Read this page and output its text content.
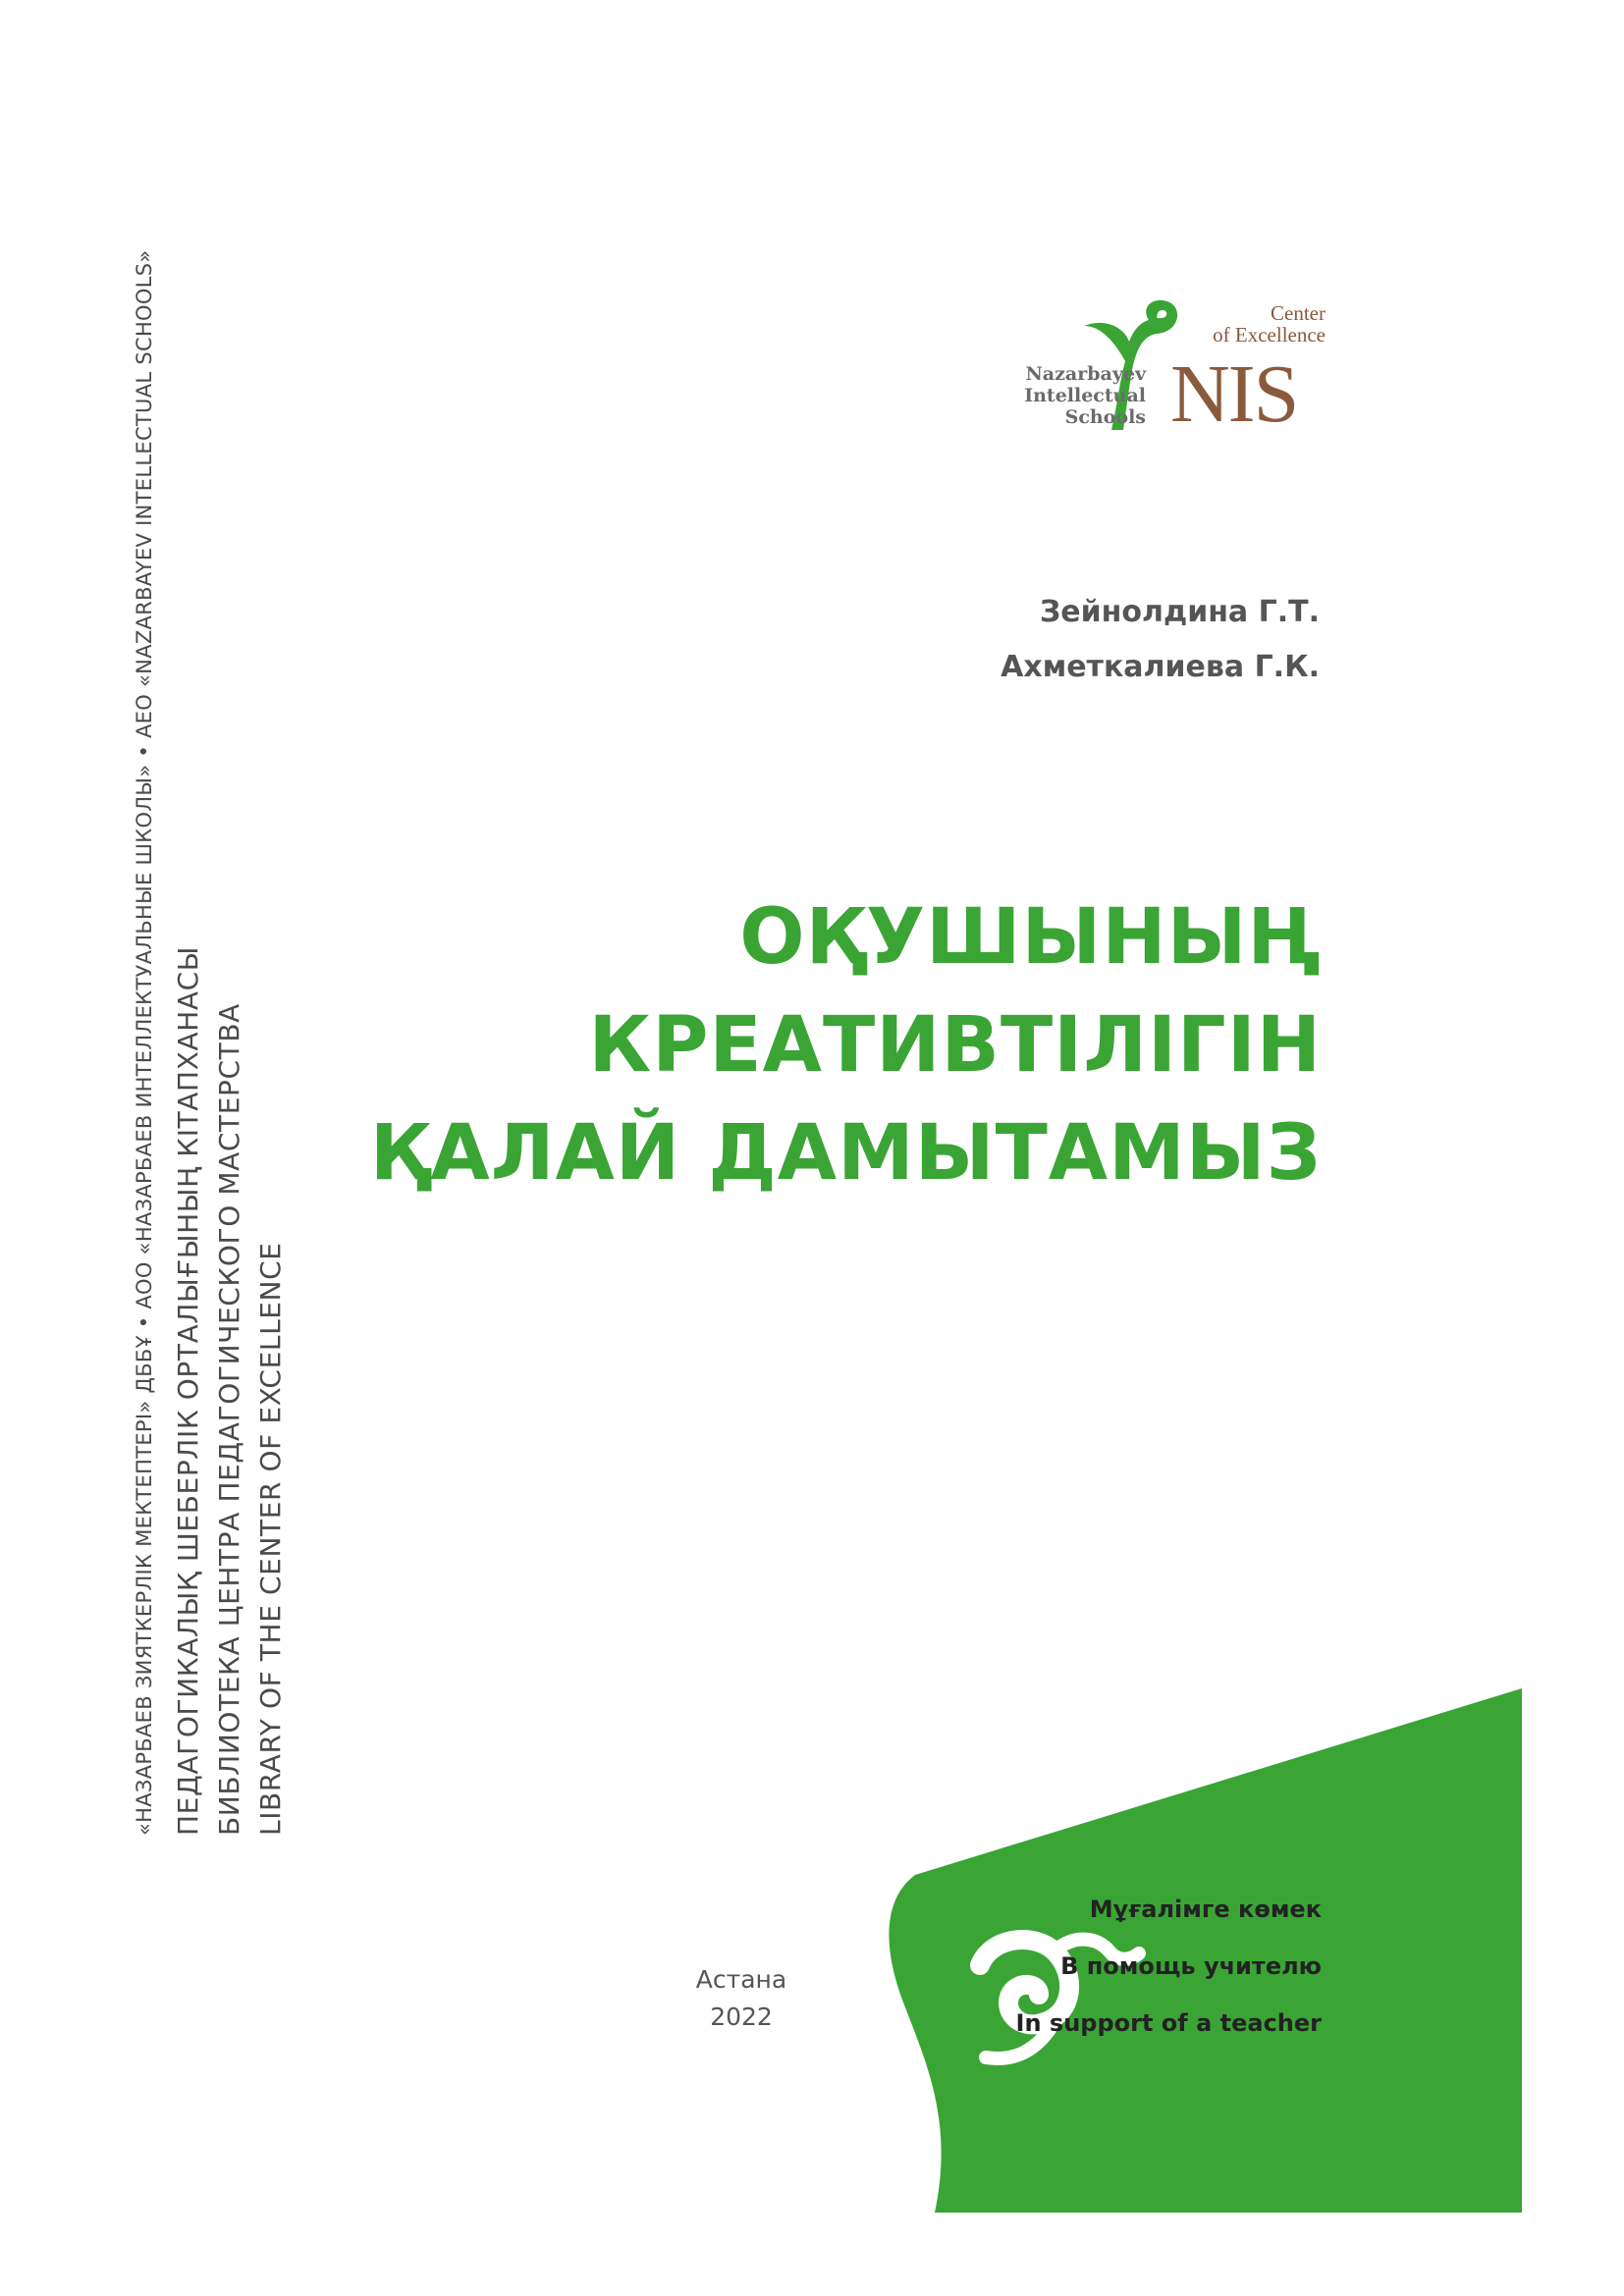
«НАЗАРБАЕВ ЗИЯТКЕРЛІК МЕКТЕПТЕРІ» ДББҰ • АОО «НАЗАРБАЕВ ИНТЕЛЛЕКТУАЛЬНЫЕ ШКОЛЫ» • AEO «NAZARBAYEV INTELLECTUAL SCHOOLS» ПЕДАГОГИКАЛЫҚ ШЕБЕРЛІК ОРТАЛЫҒЫНЫҢ КІТАПХАНАСЫ БИБЛИОТЕКА ЦЕНТРА ПЕДАГОГИЧЕСКОГО МАСТЕРСТВА LIBRARY OF THE CENTER OF EXCELLENCE
Center
of Excellence
Nazarbayev
Intellectual
Schools NIS
Зейнолдина Г.Т.
Ахметкалиева Г.К.
ОҚУШЫНЫҢ
КРЕАТИВТІЛІГІН
ҚАЛАЙ ДАМЫТАМЫЗ
Мұғалімге көмек
В помощь учителю
In support of a teacher
Астана
2022
